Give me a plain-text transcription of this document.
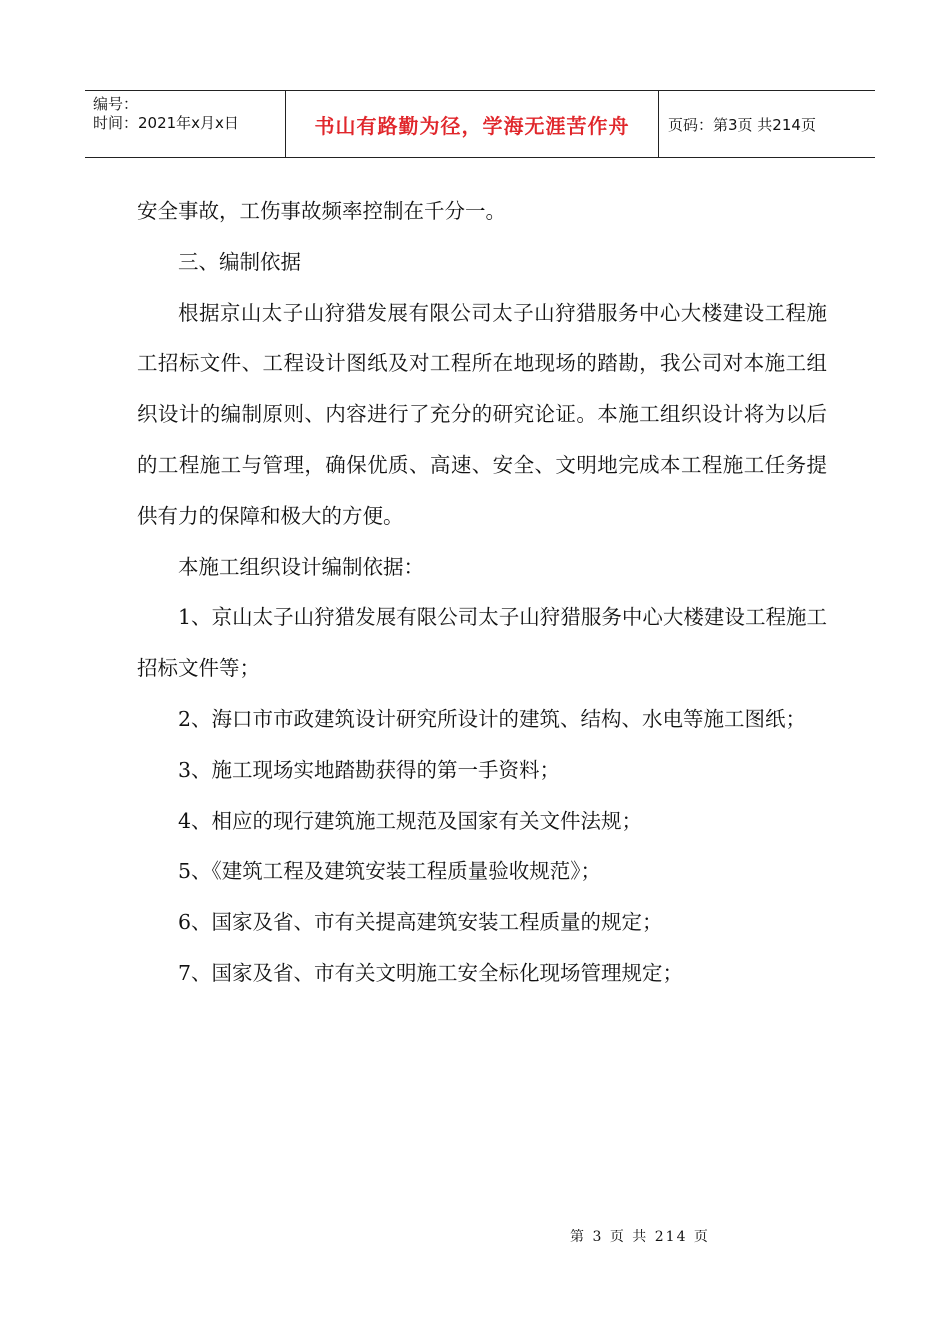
编号：
时间：2021年x月x日	书山有路勤为径，学海无涯苦作舟	页码：第3页 共214页

安全事故，工伤事故频率控制在千分一。

三、编制依据

根据京山太子山狩猎发展有限公司太子山狩猎服务中心大楼建设工程施工招标文件、工程设计图纸及对工程所在地现场的踏勘，我公司对本施工组织设计的编制原则、内容进行了充分的研究论证。本施工组织设计将为以后的工程施工与管理，确保优质、高速、安全、文明地完成本工程施工任务提供有力的保障和极大的方便。

本施工组织设计编制依据：

1、京山太子山狩猎发展有限公司太子山狩猎服务中心大楼建设工程施工招标文件等；

2、海口市市政建筑设计研究所设计的建筑、结构、水电等施工图纸；

3、施工现场实地踏勘获得的第一手资料；

4、相应的现行建筑施工规范及国家有关文件法规；

5、《建筑工程及建筑安装工程质量验收规范》；

6、国家及省、市有关提高建筑安装工程质量的规定；

7、国家及省、市有关文明施工安全标化现场管理规定；

第 3 页 共 214 页
